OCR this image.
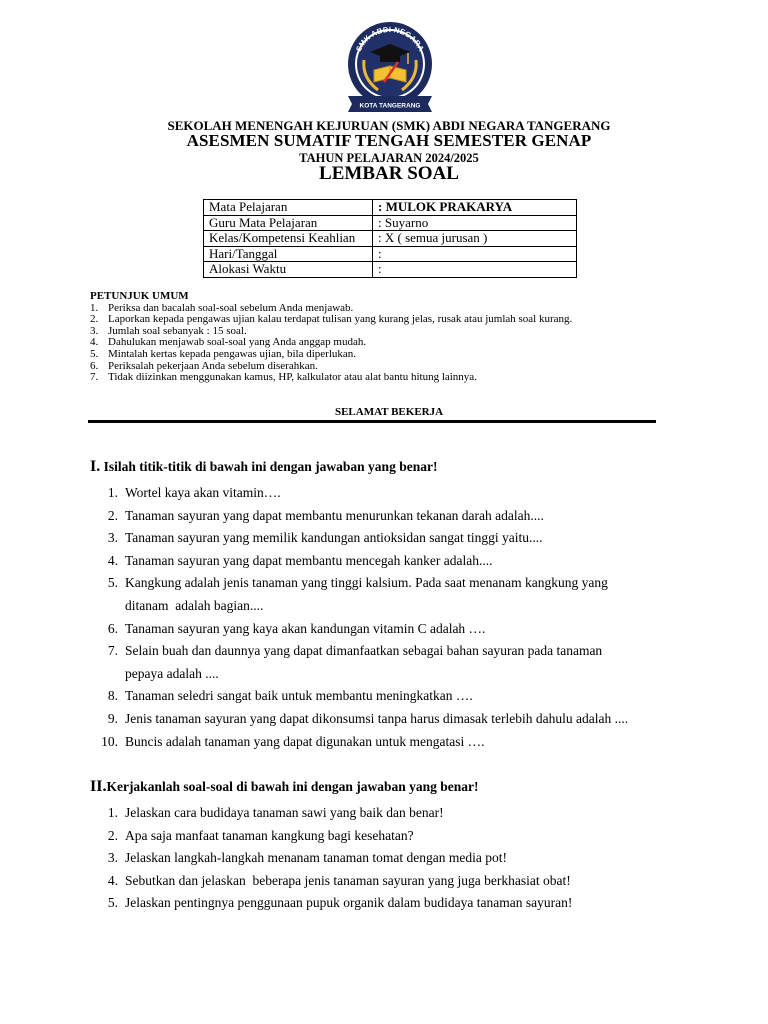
SMK ABDI NEGARA
KOTA TANGERANG
SEKOLAH MENENGAH KEJURUAN (SMK) ABDI NEGARA TANGERANG
ASESMEN SUMATIF TENGAH SEMESTER GENAP
TAHUN PELAJARAN 2024/2025
LEMBAR SOAL
Mata Pelajaran	: MULOK PRAKARYA
Guru Mata Pelajaran	: Suyarno
Kelas/Kompetensi Keahlian	: X ( semua jurusan )
Hari/Tanggal	:
Alokasi Waktu	:
PETUNJUK UMUM
1. Periksa dan bacalah soal-soal sebelum Anda menjawab.
2. Laporkan kepada pengawas ujian kalau terdapat tulisan yang kurang jelas, rusak atau jumlah soal kurang.
3. Jumlah soal sebanyak : 15 soal.
4. Dahulukan menjawab soal-soal yang Anda anggap mudah.
5. Mintalah kertas kepada pengawas ujian, bila diperlukan.
6. Periksalah pekerjaan Anda sebelum diserahkan.
7. Tidak diizinkan menggunakan kamus, HP, kalkulator atau alat bantu hitung lainnya.
SELAMAT BEKERJA
I. Isilah titik-titik di bawah ini dengan jawaban yang benar!
1. Wortel kaya akan vitamin….
2. Tanaman sayuran yang dapat membantu menurunkan tekanan darah adalah....
3. Tanaman sayuran yang memilik kandungan antioksidan sangat tinggi yaitu....
4. Tanaman sayuran yang dapat membantu mencegah kanker adalah....
5. Kangkung adalah jenis tanaman yang tinggi kalsium. Pada saat menanam kangkung yang
ditanam  adalah bagian....
6. Tanaman sayuran yang kaya akan kandungan vitamin C adalah ….
7. Selain buah dan daunnya yang dapat dimanfaatkan sebagai bahan sayuran pada tanaman
pepaya adalah ....
8. Tanaman seledri sangat baik untuk membantu meningkatkan ….
9. Jenis tanaman sayuran yang dapat dikonsumsi tanpa harus dimasak terlebih dahulu adalah ....
10. Buncis adalah tanaman yang dapat digunakan untuk mengatasi ….
II.Kerjakanlah soal-soal di bawah ini dengan jawaban yang benar!
1. Jelaskan cara budidaya tanaman sawi yang baik dan benar!
2. Apa saja manfaat tanaman kangkung bagi kesehatan?
3. Jelaskan langkah-langkah menanam tanaman tomat dengan media pot!
4. Sebutkan dan jelaskan  beberapa jenis tanaman sayuran yang juga berkhasiat obat!
5. Jelaskan pentingnya penggunaan pupuk organik dalam budidaya tanaman sayuran!
